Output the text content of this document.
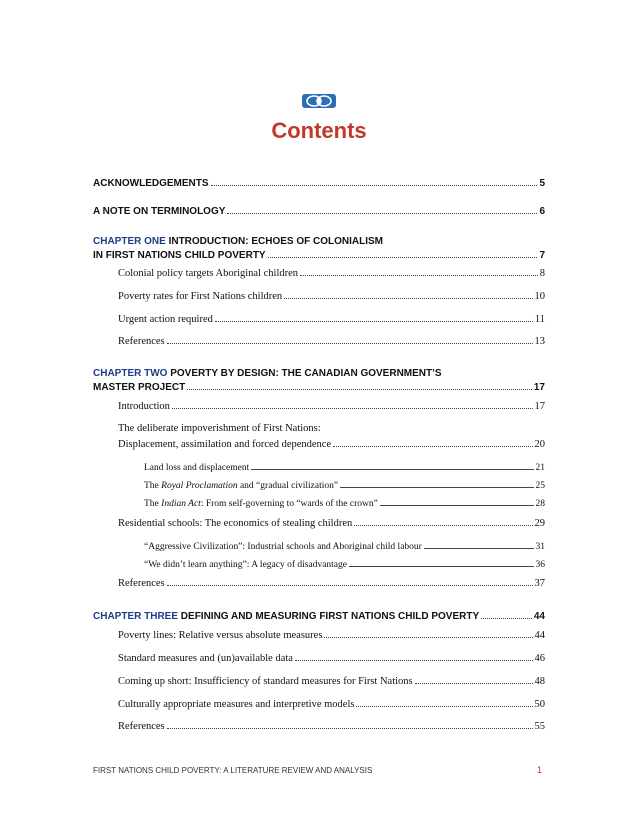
Contents
ACKNOWLEDGEMENTS	5
A NOTE ON TERMINOLOGY	6
CHAPTER ONE INTRODUCTION: ECHOES OF COLONIALISM
IN FIRST NATIONS CHILD POVERTY	7
Colonial policy targets Aboriginal children	8
Poverty rates for First Nations children	10
Urgent action required	11
References	13
CHAPTER TWO POVERTY BY DESIGN: THE CANADIAN GOVERNMENT’S
MASTER PROJECT	17
Introduction	17
The deliberate impoverishment of First Nations:
Displacement, assimilation and forced dependence	20
Land loss and displacement	21
The Royal Proclamation and “gradual civilization”	25
The Indian Act: From self-governing to “wards of the crown”	28
Residential schools: The economics of stealing children	29
“Aggressive Civilization”: Industrial schools and Aboriginal child labour	31
“We didn’t learn anything”: A legacy of disadvantage	36
References	37
CHAPTER THREE DEFINING AND MEASURING FIRST NATIONS CHILD POVERTY	44
Poverty lines: Relative versus absolute measures	44
Standard measures and (un)available data	46
Coming up short: Insufficiency of standard measures for First Nations	48
Culturally appropriate measures and interpretive models	50
References	55
FIRST NATIONS CHILD POVERTY: A LITERATURE REVIEW AND ANALYSIS	1
